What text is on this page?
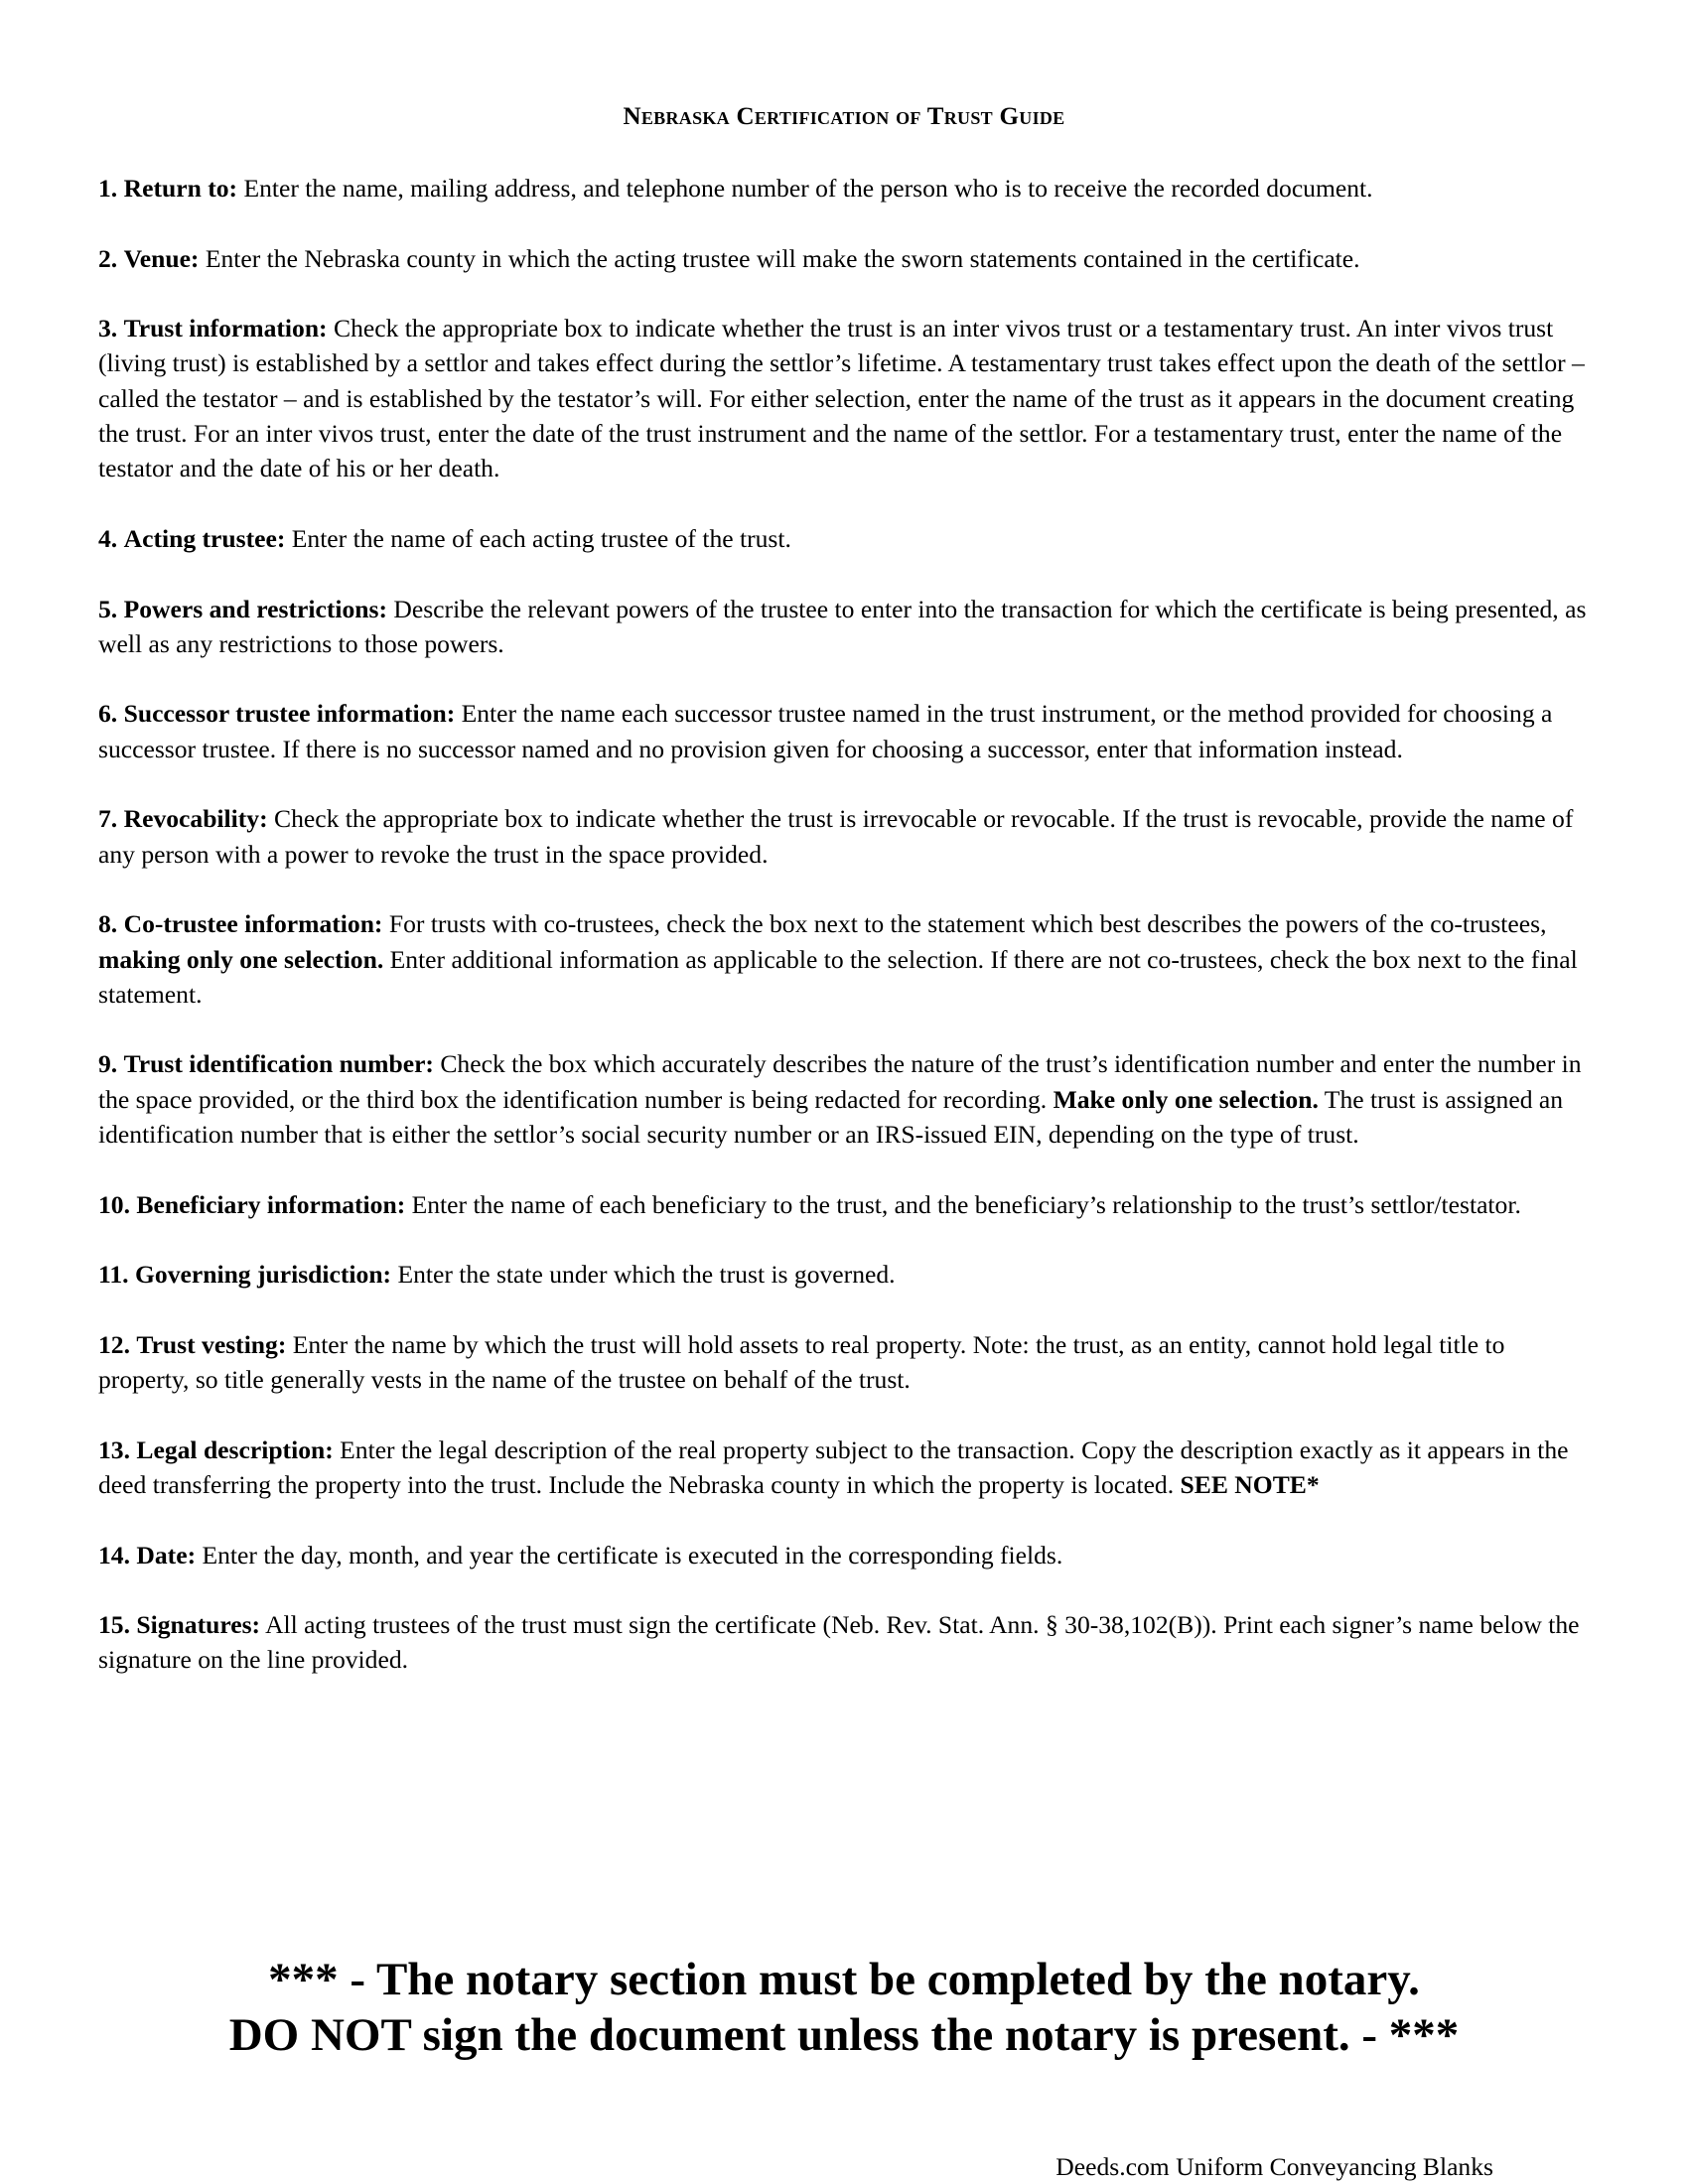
Nebraska Certification of Trust Guide

1. Return to: Enter the name, mailing address, and telephone number of the person who is to receive the recorded document.

2. Venue: Enter the Nebraska county in which the acting trustee will make the sworn statements contained in the certificate.

3. Trust information: Check the appropriate box to indicate whether the trust is an inter vivos trust or a testamentary trust. An inter vivos trust (living trust) is established by a settlor and takes effect during the settlor’s lifetime. A testamentary trust takes effect upon the death of the settlor – called the testator – and is established by the testator’s will. For either selection, enter the name of the trust as it appears in the document creating the trust. For an inter vivos trust, enter the date of the trust instrument and the name of the settlor. For a testamentary trust, enter the name of the testator and the date of his or her death.

4. Acting trustee: Enter the name of each acting trustee of the trust.

5. Powers and restrictions: Describe the relevant powers of the trustee to enter into the transaction for which the certificate is being presented, as well as any restrictions to those powers.

6. Successor trustee information: Enter the name each successor trustee named in the trust instrument, or the method provided for choosing a successor trustee. If there is no successor named and no provision given for choosing a successor, enter that information instead.

7. Revocability: Check the appropriate box to indicate whether the trust is irrevocable or revocable. If the trust is revocable, provide the name of any person with a power to revoke the trust in the space provided.

8. Co-trustee information: For trusts with co-trustees, check the box next to the statement which best describes the powers of the co-trustees, making only one selection. Enter additional information as applicable to the selection. If there are not co-trustees, check the box next to the final statement.

9. Trust identification number: Check the box which accurately describes the nature of the trust’s identification number and enter the number in the space provided, or the third box the identification number is being redacted for recording. Make only one selection. The trust is assigned an identification number that is either the settlor’s social security number or an IRS-issued EIN, depending on the type of trust.

10. Beneficiary information: Enter the name of each beneficiary to the trust, and the beneficiary’s relationship to the trust’s settlor/testator.

11. Governing jurisdiction: Enter the state under which the trust is governed.

12. Trust vesting: Enter the name by which the trust will hold assets to real property. Note: the trust, as an entity, cannot hold legal title to property, so title generally vests in the name of the trustee on behalf of the trust.

13. Legal description: Enter the legal description of the real property subject to the transaction. Copy the description exactly as it appears in the deed transferring the property into the trust. Include the Nebraska county in which the property is located. SEE NOTE*

14. Date: Enter the day, month, and year the certificate is executed in the corresponding fields.

15. Signatures: All acting trustees of the trust must sign the certificate (Neb. Rev. Stat. Ann. § 30-38,102(B)). Print each signer’s name below the signature on the line provided.

*** - The notary section must be completed by the notary.
DO NOT sign the document unless the notary is present. - ***
Deeds.com Uniform Conveyancing Blanks
